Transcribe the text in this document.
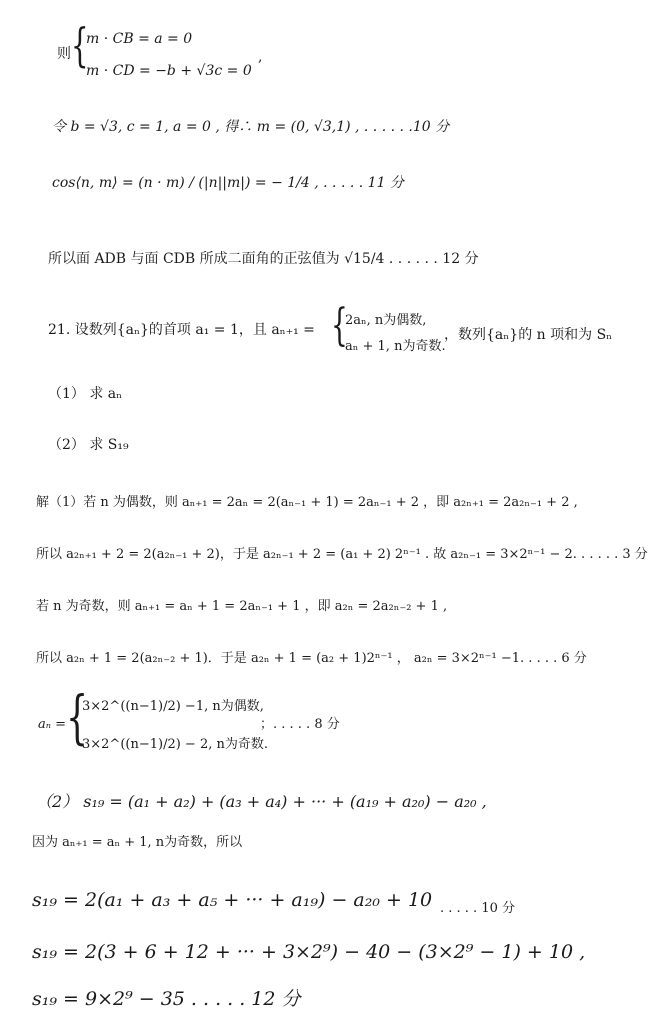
则 {
m · CB = a = 0
m · CD = −b + √3c = 0
,
令 b = √3, c = 1, a = 0 , 得∴ m = (0, √3,1) , . . . . . .10 分
cos⟨n, m⟩ = (n · m) / (|n||m|) = − 1/4 , . . . . . 11 分
所以面 ADB 与面 CDB 所成二面角的正弦值为 √15/4 . . . . . . 12 分
21. 设数列{aₙ}的首项 a₁ = 1，且 aₙ₊₁ = {
2aₙ, n为偶数,
aₙ + 1, n为奇数.
，数列{aₙ}的 n 项和为 Sₙ
（1） 求 aₙ
（2） 求 S₁₉
解（1）若 n 为偶数，则 aₙ₊₁ = 2aₙ = 2(aₙ₋₁ + 1) = 2aₙ₋₁ + 2 ，即 a₂ₙ₊₁ = 2a₂ₙ₋₁ + 2 ,
所以 a₂ₙ₊₁ + 2 = 2(a₂ₙ₋₁ + 2)，于是 a₂ₙ₋₁ + 2 = (a₁ + 2) 2ⁿ⁻¹ . 故 a₂ₙ₋₁ = 3×2ⁿ⁻¹ − 2. . . . . . 3 分
若 n 为奇数，则 aₙ₊₁ = aₙ + 1 = 2aₙ₋₁ + 1 ，即 a₂ₙ = 2a₂ₙ₋₂ + 1 ,
所以 a₂ₙ + 1 = 2(a₂ₙ₋₂ + 1)．于是 a₂ₙ + 1 = (a₂ + 1)2ⁿ⁻¹ ， a₂ₙ = 3×2ⁿ⁻¹ −1. . . . . 6 分
aₙ = {
3×2^((n−1)/2) −1, n为偶数,
3×2^((n−1)/2) − 2, n为奇数.
；. . . . . 8 分
（2） s₁₉ = (a₁ + a₂) + (a₃ + a₄) + ··· + (a₁₉ + a₂₀) − a₂₀ ,
因为 aₙ₊₁ = aₙ + 1, n为奇数，所以
s₁₉ = 2(a₁ + a₃ + a₅ + ··· + a₁₉) − a₂₀ + 10 . . . . . 10 分
s₁₉ = 2(3 + 6 + 12 + ··· + 3×2⁹) − 40 − (3×2⁹ − 1) + 10 ,
s₁₉ = 9×2⁹ − 35 . . . . . 12 分
